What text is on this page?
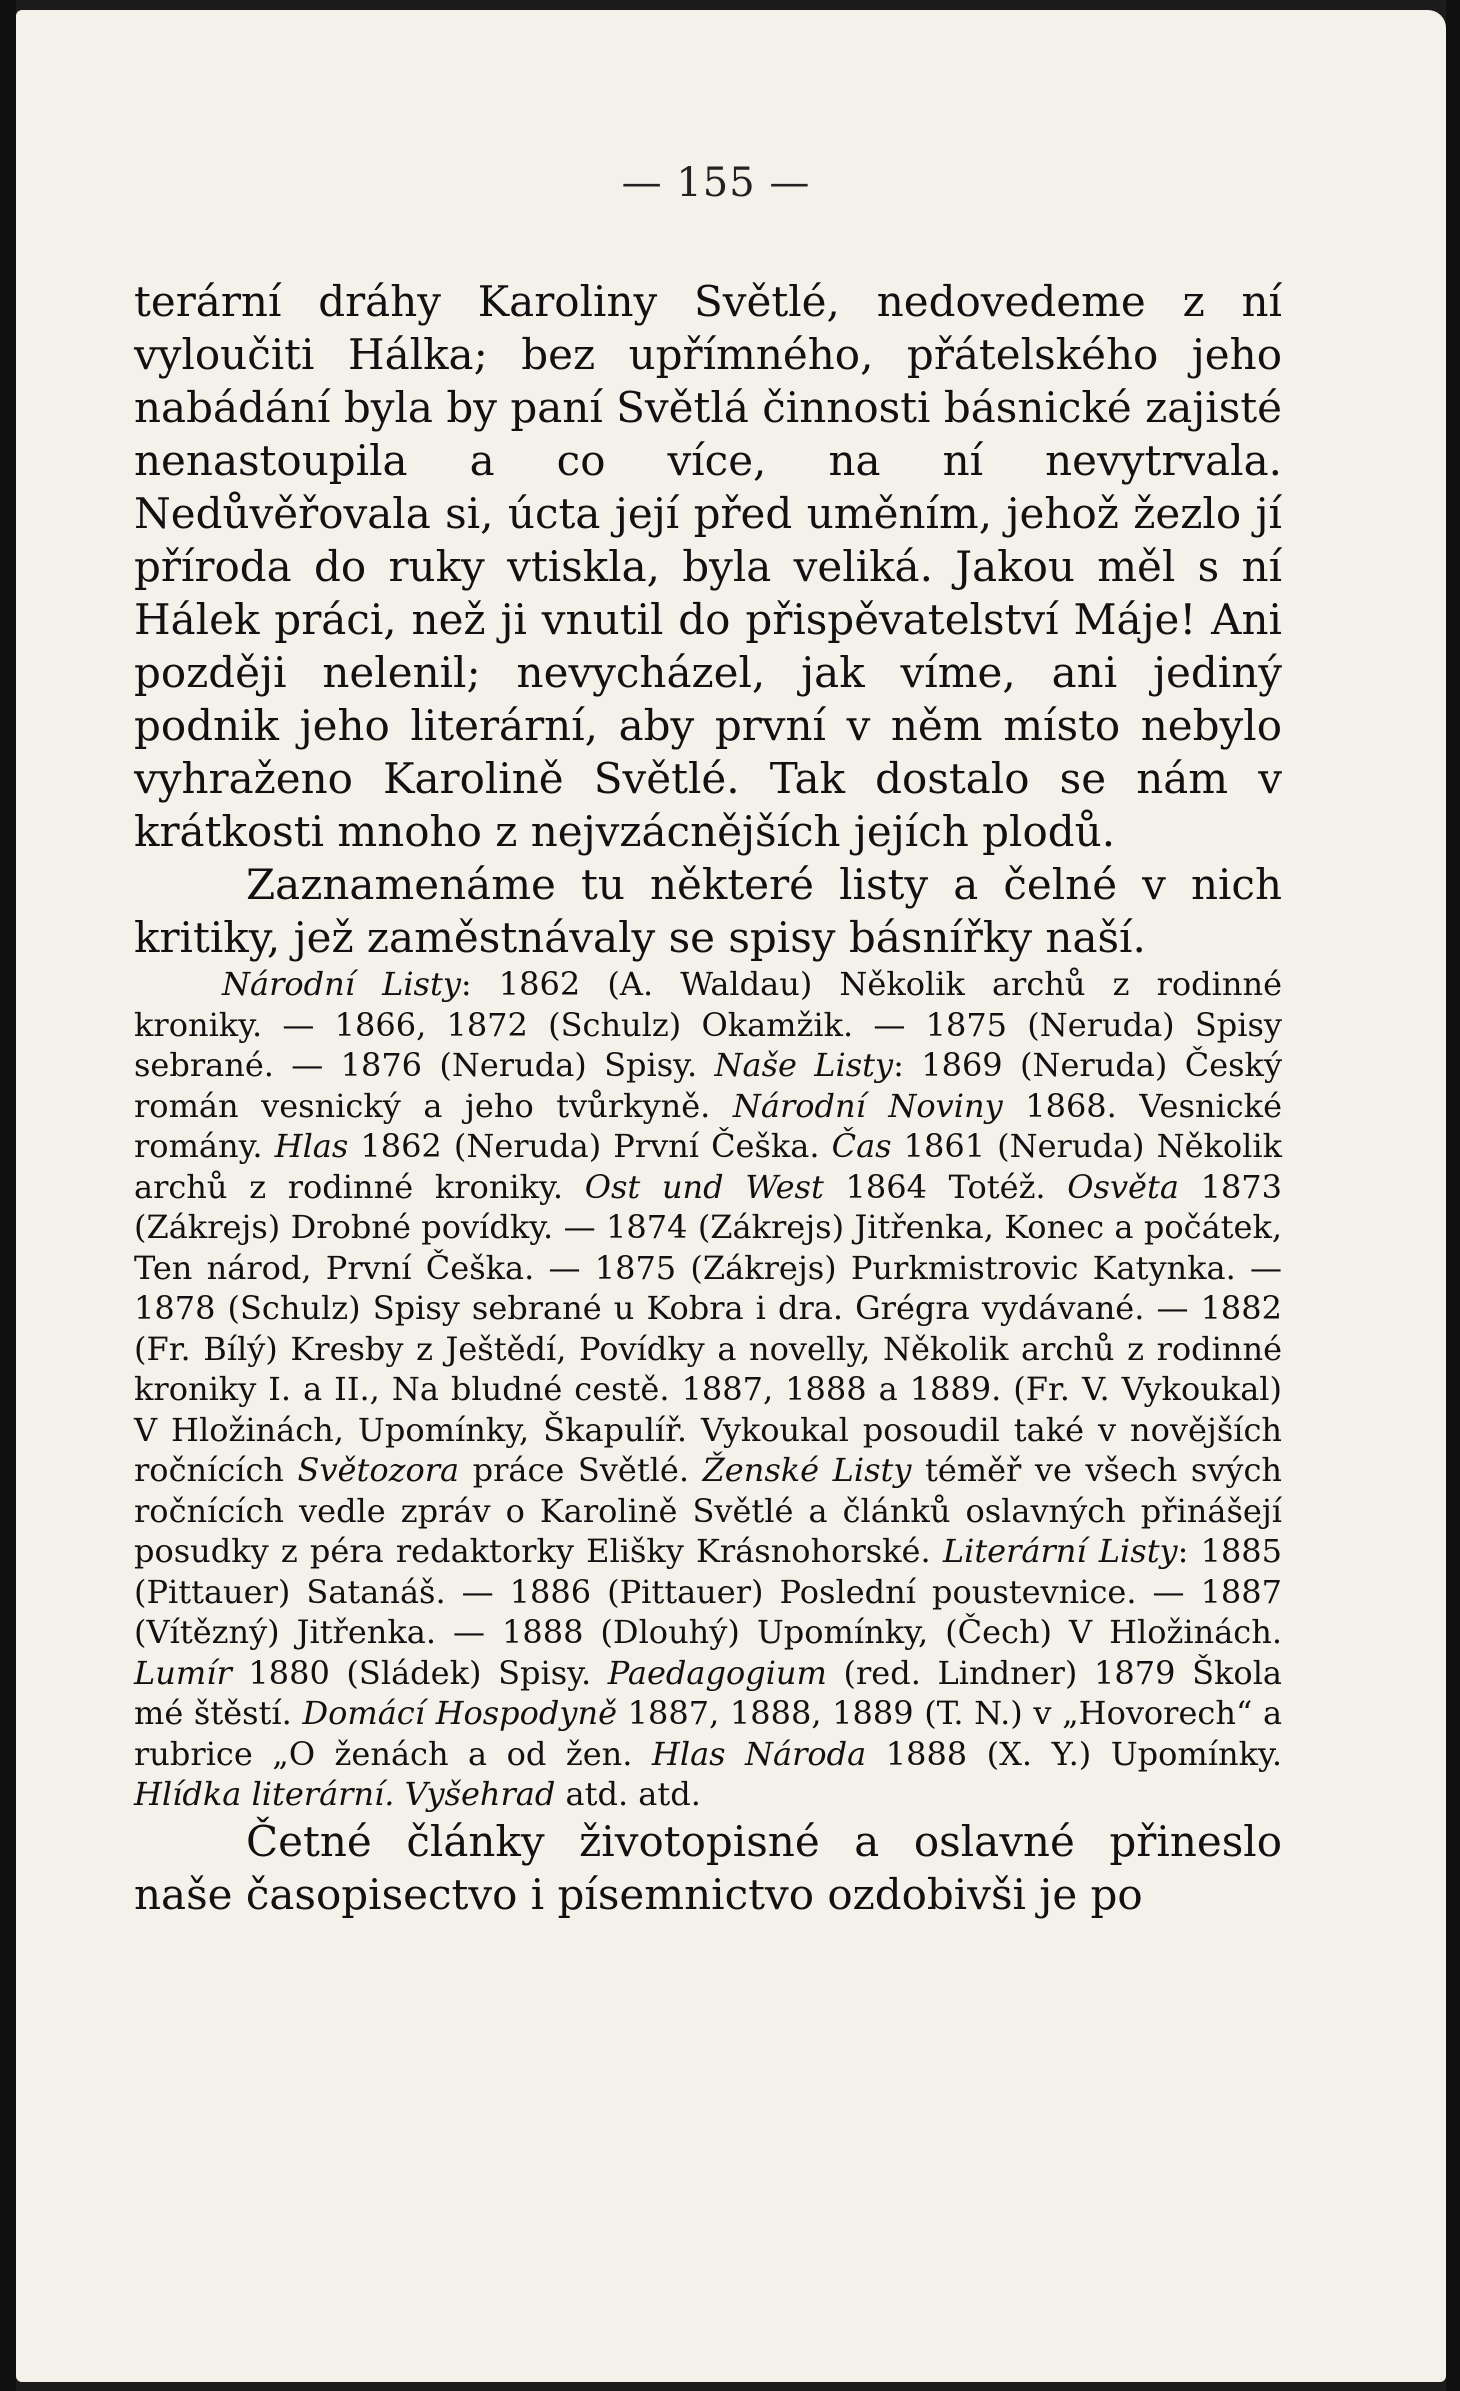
— 155 —

terární dráhy Karoliny Světlé, nedovedeme z ní vyloučiti Hálka; bez upřímného, přátelského jeho nabádání byla by paní Světlá činnosti básnické zajisté nenastoupila a co více, na ní nevytrvala. Nedůvěřovala si, úcta její před uměním, jehož žezlo jí příroda do ruky vtiskla, byla veliká. Jakou měl s ní Hálek práci, než ji vnutil do přispěvatelství Máje! Ani později nelenil; nevycházel, jak víme, ani jediný podnik jeho literární, aby první v něm místo nebylo vyhraženo Karolině Světlé. Tak dostalo se nám v krátkosti mnoho z nejvzácnějších jejích plodů.

Zaznamenáme tu některé listy a čelné v nich kritiky, jež zaměstnávaly se spisy básnířky naší.

Národní Listy: 1862 (A. Waldau) Několik archů z rodinné kroniky. — 1866, 1872 (Schulz) Okamžik. — 1875 (Neruda) Spisy sebrané. — 1876 (Neruda) Spisy. Naše Listy: 1869 (Neruda) Český román vesnický a jeho tvůrkyně. Národní Noviny 1868. Vesnické romány. Hlas 1862 (Neruda) První Češka. Čas 1861 (Neruda) Několik archů z rodinné kroniky. Ost und West 1864 Totéž. Osvěta 1873 (Zákrejs) Drobné povídky. — 1874 (Zákrejs) Jitřenka, Konec a počátek, Ten národ, První Češka. — 1875 (Zákrejs) Purkmistrovic Katynka. — 1878 (Schulz) Spisy sebrané u Kobra i dra. Grégra vydávané. — 1882 (Fr. Bílý) Kresby z Ještědí, Povídky a novelly, Několik archů z rodinné kroniky I. a II., Na bludné cestě. 1887, 1888 a 1889. (Fr. V. Vykoukal) V Hložinách, Upomínky, Škapulíř. Vykoukal posoudil také v novějších ročnících Světozora práce Světlé. Ženské Listy téměř ve všech svých ročnících vedle zpráv o Karolině Světlé a článků oslavných přinášejí posudky z péra redaktorky Elišky Krásnohorské. Literární Listy: 1885 (Pittauer) Satanáš. — 1886 (Pittauer) Poslední poustevnice. — 1887 (Vítězný) Jitřenka. — 1888 (Dlouhý) Upomínky, (Čech) V Hložinách. Lumír 1880 (Sládek) Spisy. Paedagogium (red. Lindner) 1879 Škola mé štěstí. Domácí Hospodyně 1887, 1888, 1889 (T. N.) v „Hovorech“ a rubrice „O ženách a od žen. Hlas Národa 1888 (X. Y.) Upomínky. Hlídka literární. Vyšehrad atd. atd.

Četné články životopisné a oslavné přineslo naše časopisectvo i písemnictvo ozdobivši je po
